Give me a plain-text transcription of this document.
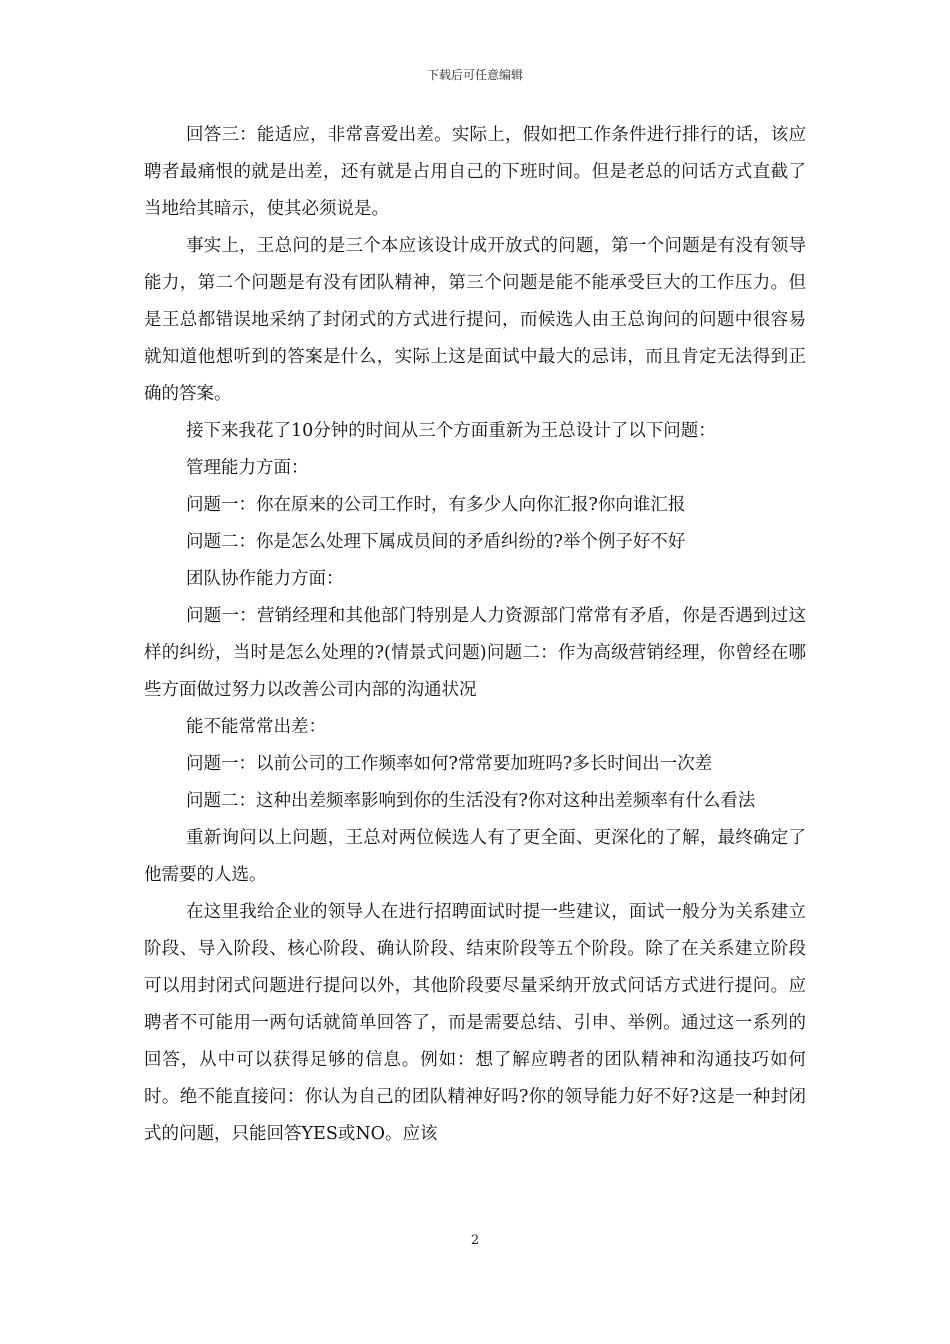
下载后可任意编辑

回答三：能适应，非常喜爱出差。实际上，假如把工作条件进行排行的话，该应聘者最痛恨的就是出差，还有就是占用自己的下班时间。但是老总的问话方式直截了当地给其暗示，使其必须说是。

事实上，王总问的是三个本应该设计成开放式的问题，第一个问题是有没有领导能力，第二个问题是有没有团队精神，第三个问题是能不能承受巨大的工作压力。但是王总都错误地采纳了封闭式的方式进行提问，而候选人由王总询问的问题中很容易就知道他想听到的答案是什么，实际上这是面试中最大的忌讳，而且肯定无法得到正确的答案。

接下来我花了10分钟的时间从三个方面重新为王总设计了以下问题：

管理能力方面：

问题一：你在原来的公司工作时，有多少人向你汇报?你向谁汇报

问题二：你是怎么处理下属成员间的矛盾纠纷的?举个例子好不好

团队协作能力方面：

问题一：营销经理和其他部门特别是人力资源部门常常有矛盾，你是否遇到过这样的纠纷，当时是怎么处理的?(情景式问题)问题二：作为高级营销经理，你曾经在哪些方面做过努力以改善公司内部的沟通状况

能不能常常出差：

问题一：以前公司的工作频率如何?常常要加班吗?多长时间出一次差

问题二：这种出差频率影响到你的生活没有?你对这种出差频率有什么看法

重新询问以上问题，王总对两位候选人有了更全面、更深化的了解，最终确定了他需要的人选。

在这里我给企业的领导人在进行招聘面试时提一些建议，面试一般分为关系建立阶段、导入阶段、核心阶段、确认阶段、结束阶段等五个阶段。除了在关系建立阶段可以用封闭式问题进行提问以外，其他阶段要尽量采纳开放式问话方式进行提问。应聘者不可能用一两句话就简单回答了，而是需要总结、引申、举例。通过这一系列的回答，从中可以获得足够的信息。例如：想了解应聘者的团队精神和沟通技巧如何时。绝不能直接问：你认为自己的团队精神好吗?你的领导能力好不好?这是一种封闭式的问题，只能回答YES或NO。应该

2
